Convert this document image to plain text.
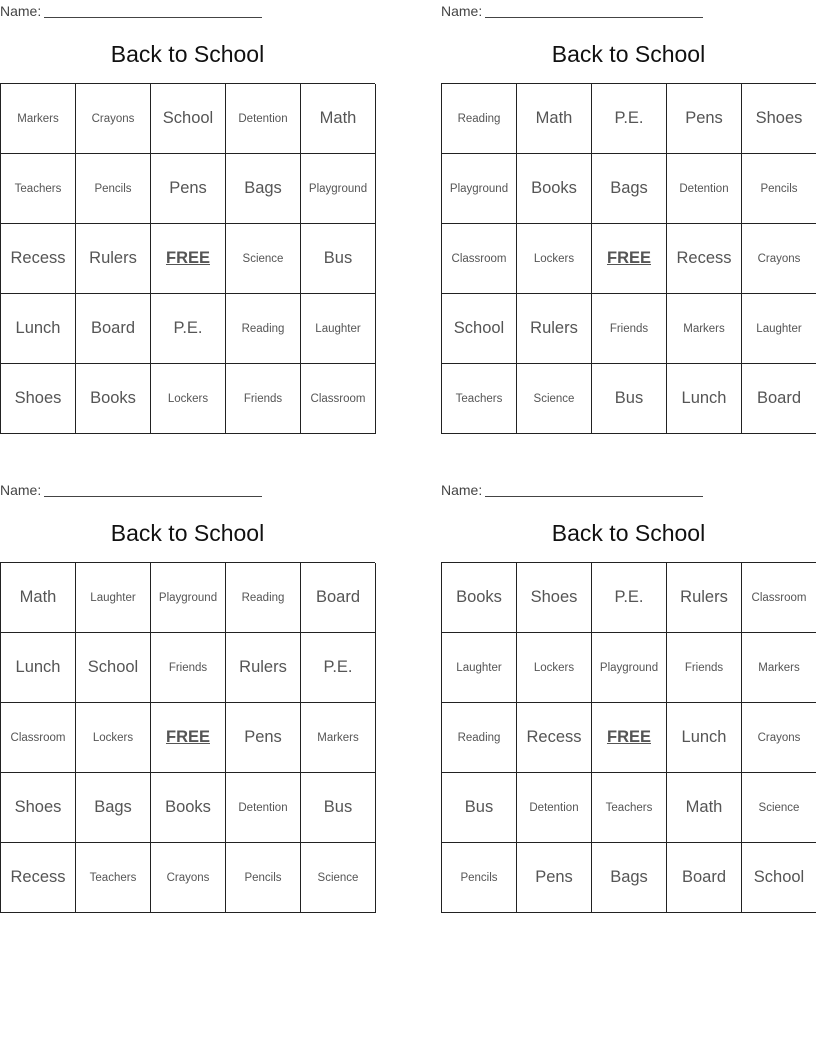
Name:
Back to School
Markers	Crayons	School	Detention	Math
Teachers	Pencils	Pens	Bags	Playground
Recess	Rulers	FREE	Science	Bus
Lunch	Board	P.E.	Reading	Laughter
Shoes	Books	Lockers	Friends	Classroom
Name:
Back to School
Reading	Math	P.E.	Pens	Shoes
Playground	Books	Bags	Detention	Pencils
Classroom	Lockers	FREE	Recess	Crayons
School	Rulers	Friends	Markers	Laughter
Teachers	Science	Bus	Lunch	Board
Name:
Back to School
Math	Laughter	Playground	Reading	Board
Lunch	School	Friends	Rulers	P.E.
Classroom	Lockers	FREE	Pens	Markers
Shoes	Bags	Books	Detention	Bus
Recess	Teachers	Crayons	Pencils	Science
Name:
Back to School
Books	Shoes	P.E.	Rulers	Classroom
Laughter	Lockers	Playground	Friends	Markers
Reading	Recess	FREE	Lunch	Crayons
Bus	Detention	Teachers	Math	Science
Pencils	Pens	Bags	Board	School
